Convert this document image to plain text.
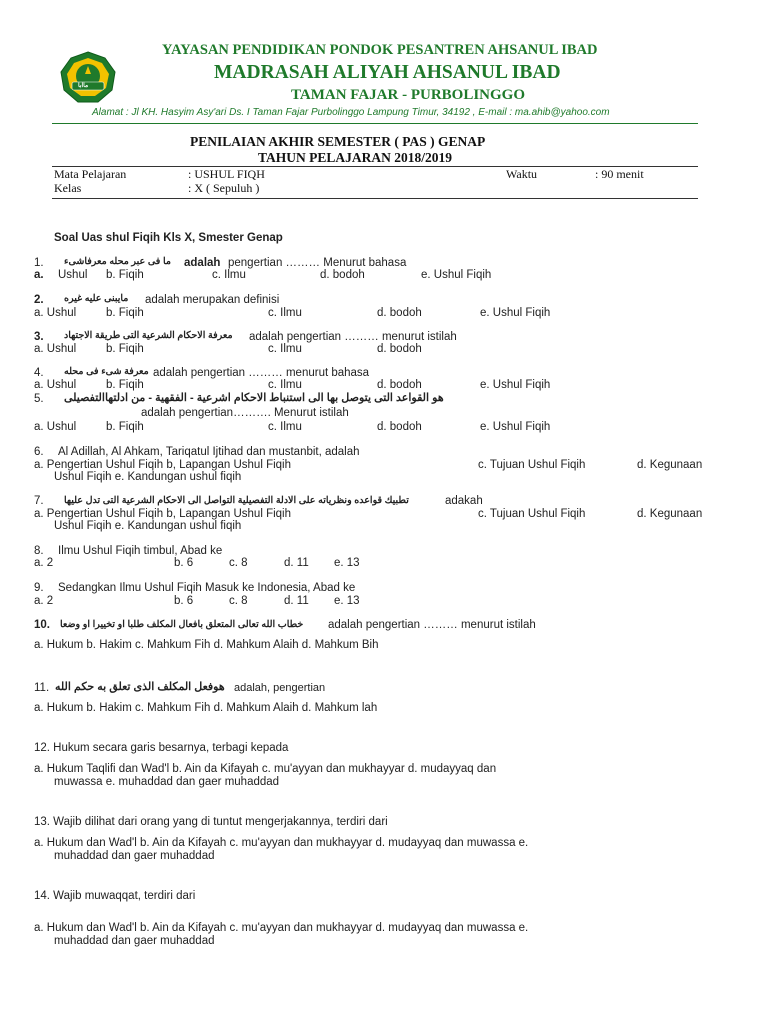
ماابا
YAYASAN PENDIDIKAN PONDOK PESANTREN AHSANUL IBAD
MADRASAH ALIYAH AHSANUL IBAD
TAMAN FAJAR - PURBOLINGGO
Alamat : Jl KH. Hasyim Asy'ari Ds. I Taman Fajar Purbolinggo Lampung Timur, 34192 , E-mail : ma.ahib@yahoo.com
PENILAIAN AKHIR SEMESTER ( PAS ) GENAP
TAHUN PELAJARAN 2018/2019
Mata Pelajaran	: USHUL FIQH	Waktu	: 90 menit
Kelas	: X ( Sepuluh )
Soal Uas shul Fiqih Kls X, Smester Genap
1. ما فى عبر محله معرفاشىء adalah pengertian ……… Menurut bahasa
a. Ushul b. Fiqih	c. Ilmu	d. bodoh	e. Ushul Fiqih
2. مايبنى عليه غيره adalah merupakan definisi
a. Ushul	b. Fiqih	c. Ilmu	d. bodoh	e. Ushul Fiqih
3. معرفة الاحكام الشرعية التى طريقة الاجتهاد adalah pengertian ……… menurut istilah
a. Ushul	b. Fiqih	c. Ilmu	d. bodoh
4. معرفة شىء فى محله adalah pengertian ……… menurut bahasa
a. Ushul	b. Fiqih	c. Ilmu	d. bodoh	e. Ushul Fiqih
5. هو القواعد التى يتوصل بها الى استنباط الاحكام اشرعية - الفقهية - من ادلتهاالتفصيلى
adalah pengertian………. Menurut istilah
a. Ushul	b. Fiqih	c. Ilmu	d. bodoh	e. Ushul Fiqih
6. Al Adillah, Al Ahkam, Tariqatul Ijtihad dan mustanbit, adalah
a. Pengertian Ushul Fiqih b, Lapangan Ushul Fiqih	c. Tujuan Ushul Fiqih	d. Kegunaan
Ushul Fiqih e. Kandungan ushul fiqih
7. تطبيك قواعده ونظرياته على الادلة التفصيلية التواصل الى الاحكام الشرعية التى تدل عليها	adakah
a. Pengertian Ushul Fiqih b, Lapangan Ushul Fiqih	c. Tujuan Ushul Fiqih	d. Kegunaan
Ushul Fiqih e. Kandungan ushul fiqih
8. Ilmu Ushul Fiqih timbul, Abad ke
a. 2	b. 6	c. 8	d. 11 e. 13
9. Sedangkan Ilmu Ushul Fiqih Masuk ke Indonesia, Abad ke
a. 2	b. 6	c. 8	d. 11 e. 13
10. خطاب الله تعالى المتعلق بافعال المكلف طلبا او تخييرا او وضعا adalah pengertian ……… menurut istilah
a. Hukum b. Hakim c. Mahkum Fih d. Mahkum Alaih d. Mahkum Bih
11. هوفعل المكلف الذى تعلق به حكم الله adalah, pengertian
a. Hukum b. Hakim c. Mahkum Fih d. Mahkum Alaih d. Mahkum lah
12. Hukum secara garis besarnya, terbagi kepada
a. Hukum Taqlifi dan Wad'l b. Ain da Kifayah c. mu'ayyan dan mukhayyar d. mudayyaq dan
muwassa e. muhaddad dan gaer muhaddad
13. Wajib dilihat dari orang yang di tuntut mengerjakannya, terdiri dari
a. Hukum dan Wad'l b. Ain da Kifayah c. mu'ayyan dan mukhayyar d. mudayyaq dan muwassa e.
muhaddad dan gaer muhaddad
14. Wajib muwaqqat, terdiri dari
a. Hukum dan Wad'l b. Ain da Kifayah c. mu'ayyan dan mukhayyar d. mudayyaq dan muwassa e.
muhaddad dan gaer muhaddad
